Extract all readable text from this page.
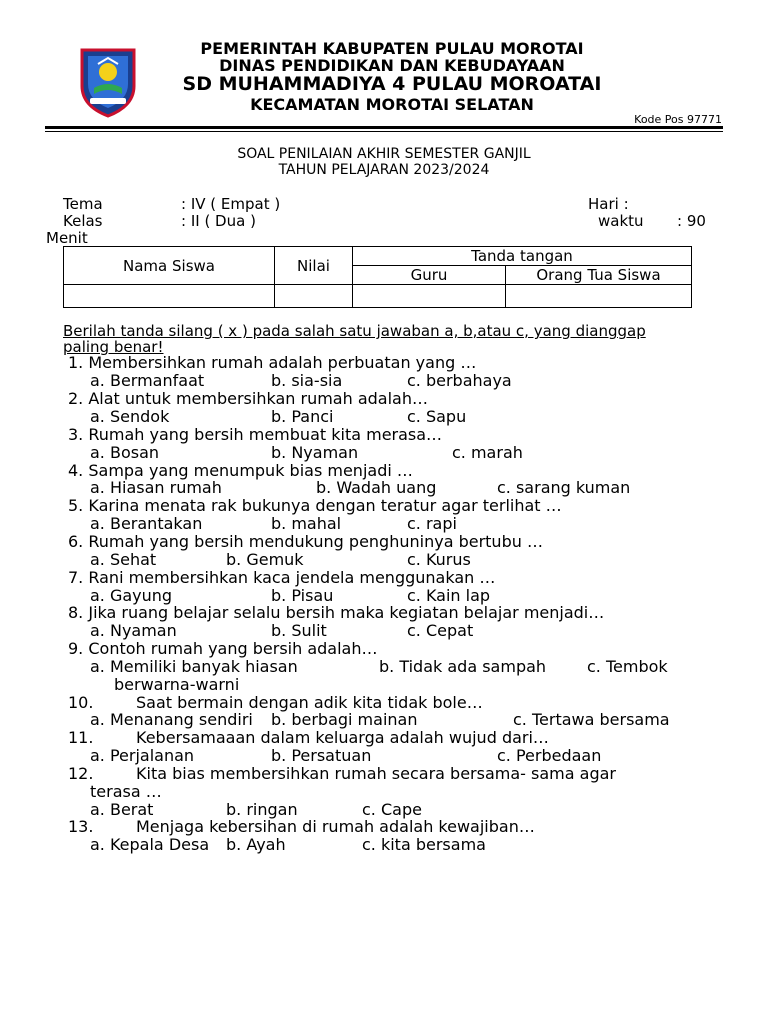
PEMERINTAH KABUPATEN PULAU MOROTAI
DINAS PENDIDIKAN DAN KEBUDAYAAN
SD MUHAMMADIYA 4 PULAU MOROATAI
KECAMATAN MOROTAI SELATAN
Kode Pos 97771
SOAL PENILAIAN AKHIR SEMESTER GANJIL
TAHUN PELAJARAN 2023/2024
Tema	: IV ( Empat )
Kelas	: II ( Dua )
Hari :
waktu : 90
Menit
Nama Siswa	Nilai	Tanda tangan	
		Guru	Orang Tua Siswa

Berilah tanda silang ( x ) pada salah satu jawaban a, b,atau c, yang dianggap
paling benar!
1. Membersihkan rumah adalah perbuatan yang …
a. Bermanfaat	b. sia-sia	c. berbahaya
2. Alat untuk membersihkan rumah adalah…
a. Sendok	b. Panci	c. Sapu
3. Rumah yang bersih membuat kita merasa…
a. Bosan	b. Nyaman	c. marah
4. Sampa yang menumpuk bias menjadi …
a. Hiasan rumah	b. Wadah uang	c. sarang kuman
5. Karina menata rak bukunya dengan teratur agar terlihat …
a. Berantakan	b. mahal	c. rapi
6. Rumah yang bersih mendukung penghuninya bertubu …
a. Sehat	b. Gemuk	c. Kurus
7. Rani membersihkan kaca jendela menggunakan …
a. Gayung	b. Pisau	c. Kain lap
8. Jika ruang belajar selalu bersih maka kegiatan belajar menjadi…
a. Nyaman	b. Sulit	c. Cepat
9. Contoh rumah yang bersih adalah…
a. Memiliki banyak hiasan	b. Tidak ada sampah	c. Tembok
berwarna-warni
10.	Saat bermain dengan adik kita tidak bole…
a. Menanang sendiri b. berbagi mainan	c. Tertawa bersama
11.	Kebersamaaan dalam keluarga adalah wujud dari…
a. Perjalanan	b. Persatuan	c. Perbedaan
12.	Kita bias membersihkan rumah secara bersama- sama agar
terasa …
a. Berat	b. ringan	c. Cape
13.	Menjaga kebersihan di rumah adalah kewajiban…
a. Kepala Desa b. Ayah	c. kita bersama
